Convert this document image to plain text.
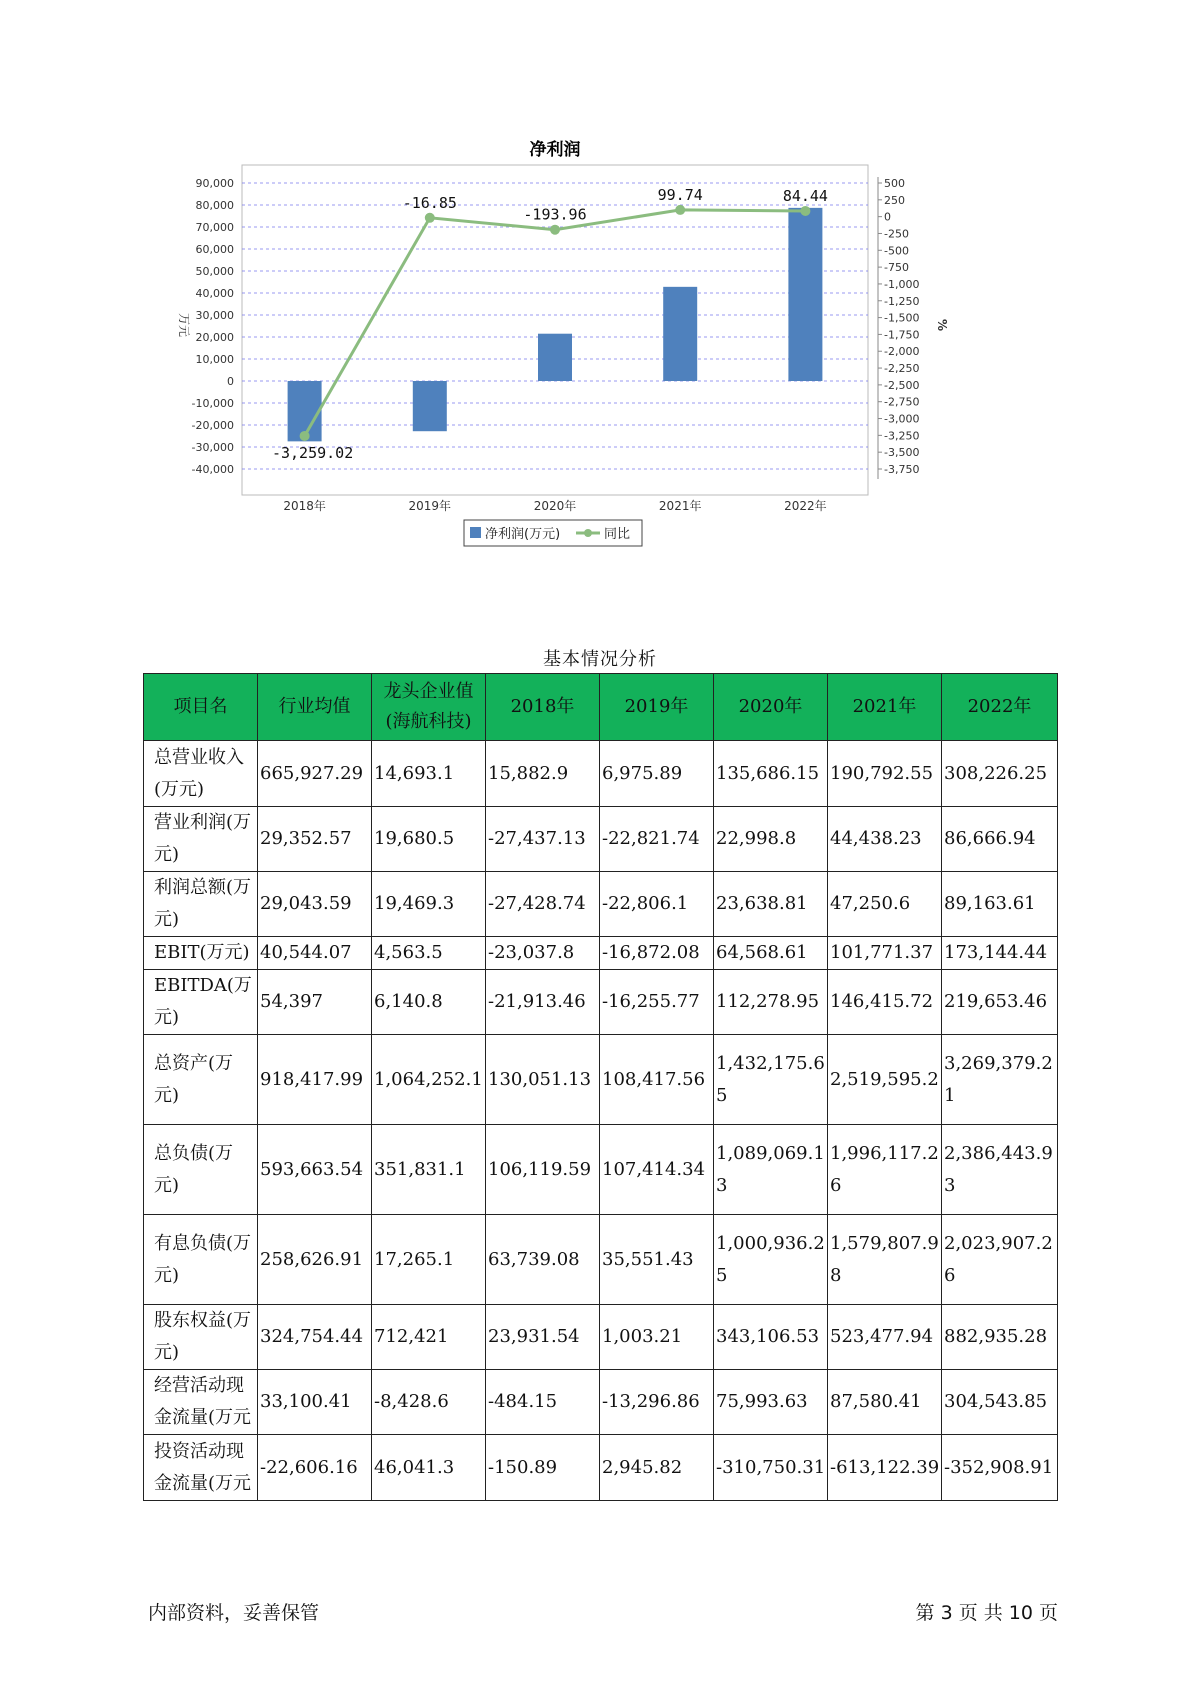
净利润
90,000
80,000
70,000
60,000
50,000
40,000
30,000
20,000
10,000
0
-10,000
-20,000
-30,000
-40,000
500
250
0
-250
-500
-750
-1,000
-1,250
-1,500
-1,750
-2,000
-2,250
-2,500
-2,750
-3,000
-3,250
-3,500
-3,750
万元	%
2018年	2019年	2020年	2021年	2022年
-3,259.02
-16.85
-193.96
99.74	84.44
净利润(万元)	同比
基本情况分析
项目名	行业均值	龙头企业值(海航科技)	2018年	2019年	2020年	2021年	2022年
总营业收入(万元)	665,927.29	14,693.1	15,882.9	6,975.89	135,686.15	190,792.55	308,226.25
营业利润(万元)	29,352.57	19,680.5	-27,437.13	-22,821.74	22,998.8	44,438.23	86,666.94
利润总额(万元)	29,043.59	19,469.3	-27,428.74	-22,806.1	23,638.81	47,250.6	89,163.61
EBIT(万元)	40,544.07	4,563.5	-23,037.8	-16,872.08	64,568.61	101,771.37	173,144.44
EBITDA(万元)	54,397	6,140.8	-21,913.46	-16,255.77	112,278.95	146,415.72	219,653.46
总资产(万元)	918,417.99	1,064,252.1	130,051.13	108,417.56	1,432,175.65	2,519,595.2	3,269,379.21
总负债(万元)	593,663.54	351,831.1	106,119.59	107,414.34	1,089,069.13	1,996,117.26	2,386,443.93
有息负债(万元)	258,626.91	17,265.1	63,739.08	35,551.43	1,000,936.25	1,579,807.98	2,023,907.26
股东权益(万元)	324,754.44	712,421	23,931.54	1,003.21	343,106.53	523,477.94	882,935.28
经营活动现金流量(万元	33,100.41	-8,428.6	-484.15	-13,296.86	75,993.63	87,580.41	304,543.85
投资活动现金流量(万元	-22,606.16	46,041.3	-150.89	2,945.82	-310,750.31	-613,122.39	-352,908.91
内部资料，妥善保管	第 3 页 共 10 页
